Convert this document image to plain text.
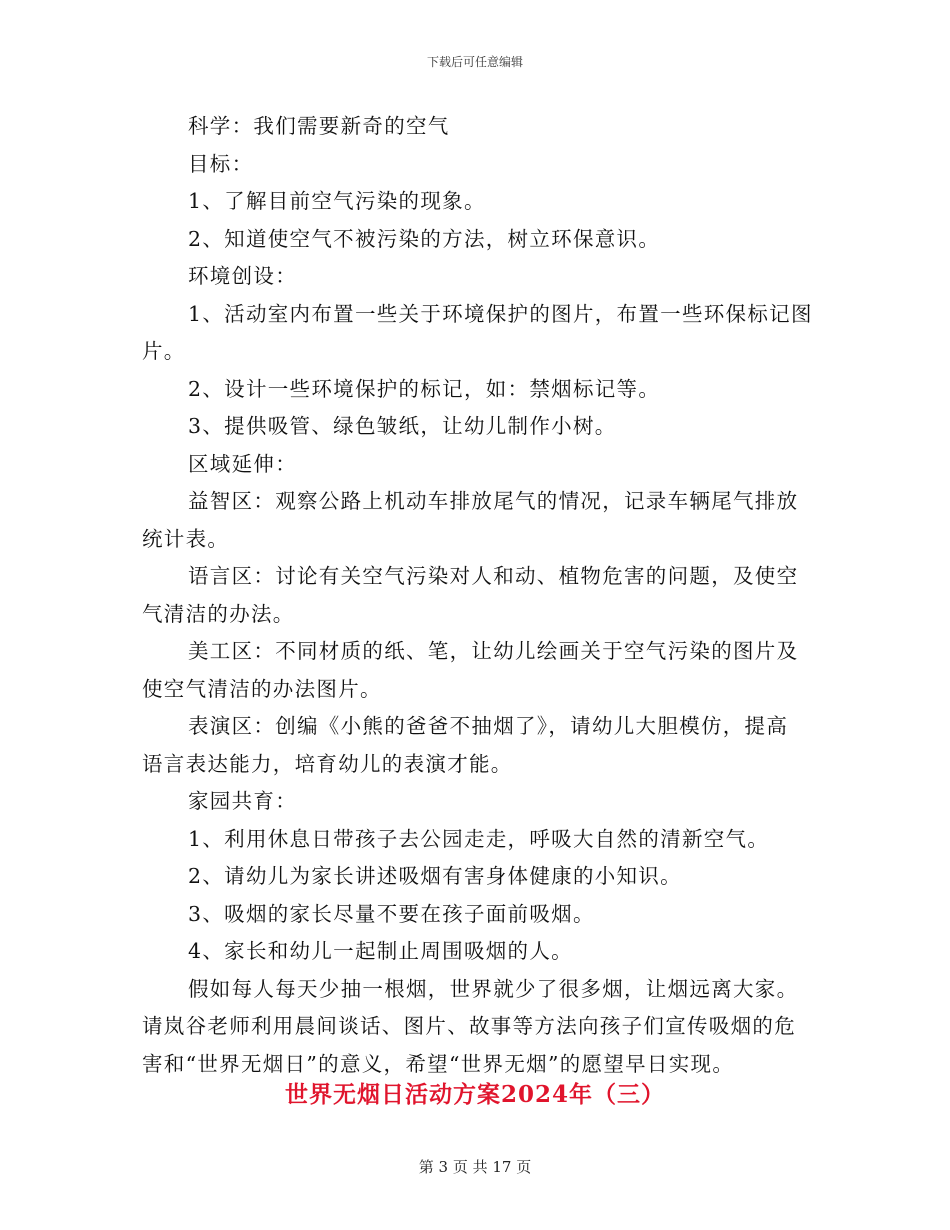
下载后可任意编辑

科学：我们需要新奇的空气

目标：

1、了解目前空气污染的现象。

2、知道使空气不被污染的方法，树立环保意识。

环境创设：

1、活动室内布置一些关于环境保护的图片，布置一些环保标记图

片。

2、设计一些环境保护的标记，如：禁烟标记等。

3、提供吸管、绿色皱纸，让幼儿制作小树。

区域延伸：

益智区：观察公路上机动车排放尾气的情况，记录车辆尾气排放

统计表。

语言区：讨论有关空气污染对人和动、植物危害的问题，及使空

气清洁的办法。

美工区：不同材质的纸、笔，让幼儿绘画关于空气污染的图片及

使空气清洁的办法图片。

表演区：创编《小熊的爸爸不抽烟了》，请幼儿大胆模仿，提高

语言表达能力，培育幼儿的表演才能。

家园共育：

1、利用休息日带孩子去公园走走，呼吸大自然的清新空气。

2、请幼儿为家长讲述吸烟有害身体健康的小知识。

3、吸烟的家长尽量不要在孩子面前吸烟。

4、家长和幼儿一起制止周围吸烟的人。

假如每人每天少抽一根烟，世界就少了很多烟，让烟远离大家。

请岚谷老师利用晨间谈话、图片、故事等方法向孩子们宣传吸烟的危

害和“世界无烟日”的意义，希望“世界无烟”的愿望早日实现。

世界无烟日活动方案2024年（三）
第 3 页 共 17 页
